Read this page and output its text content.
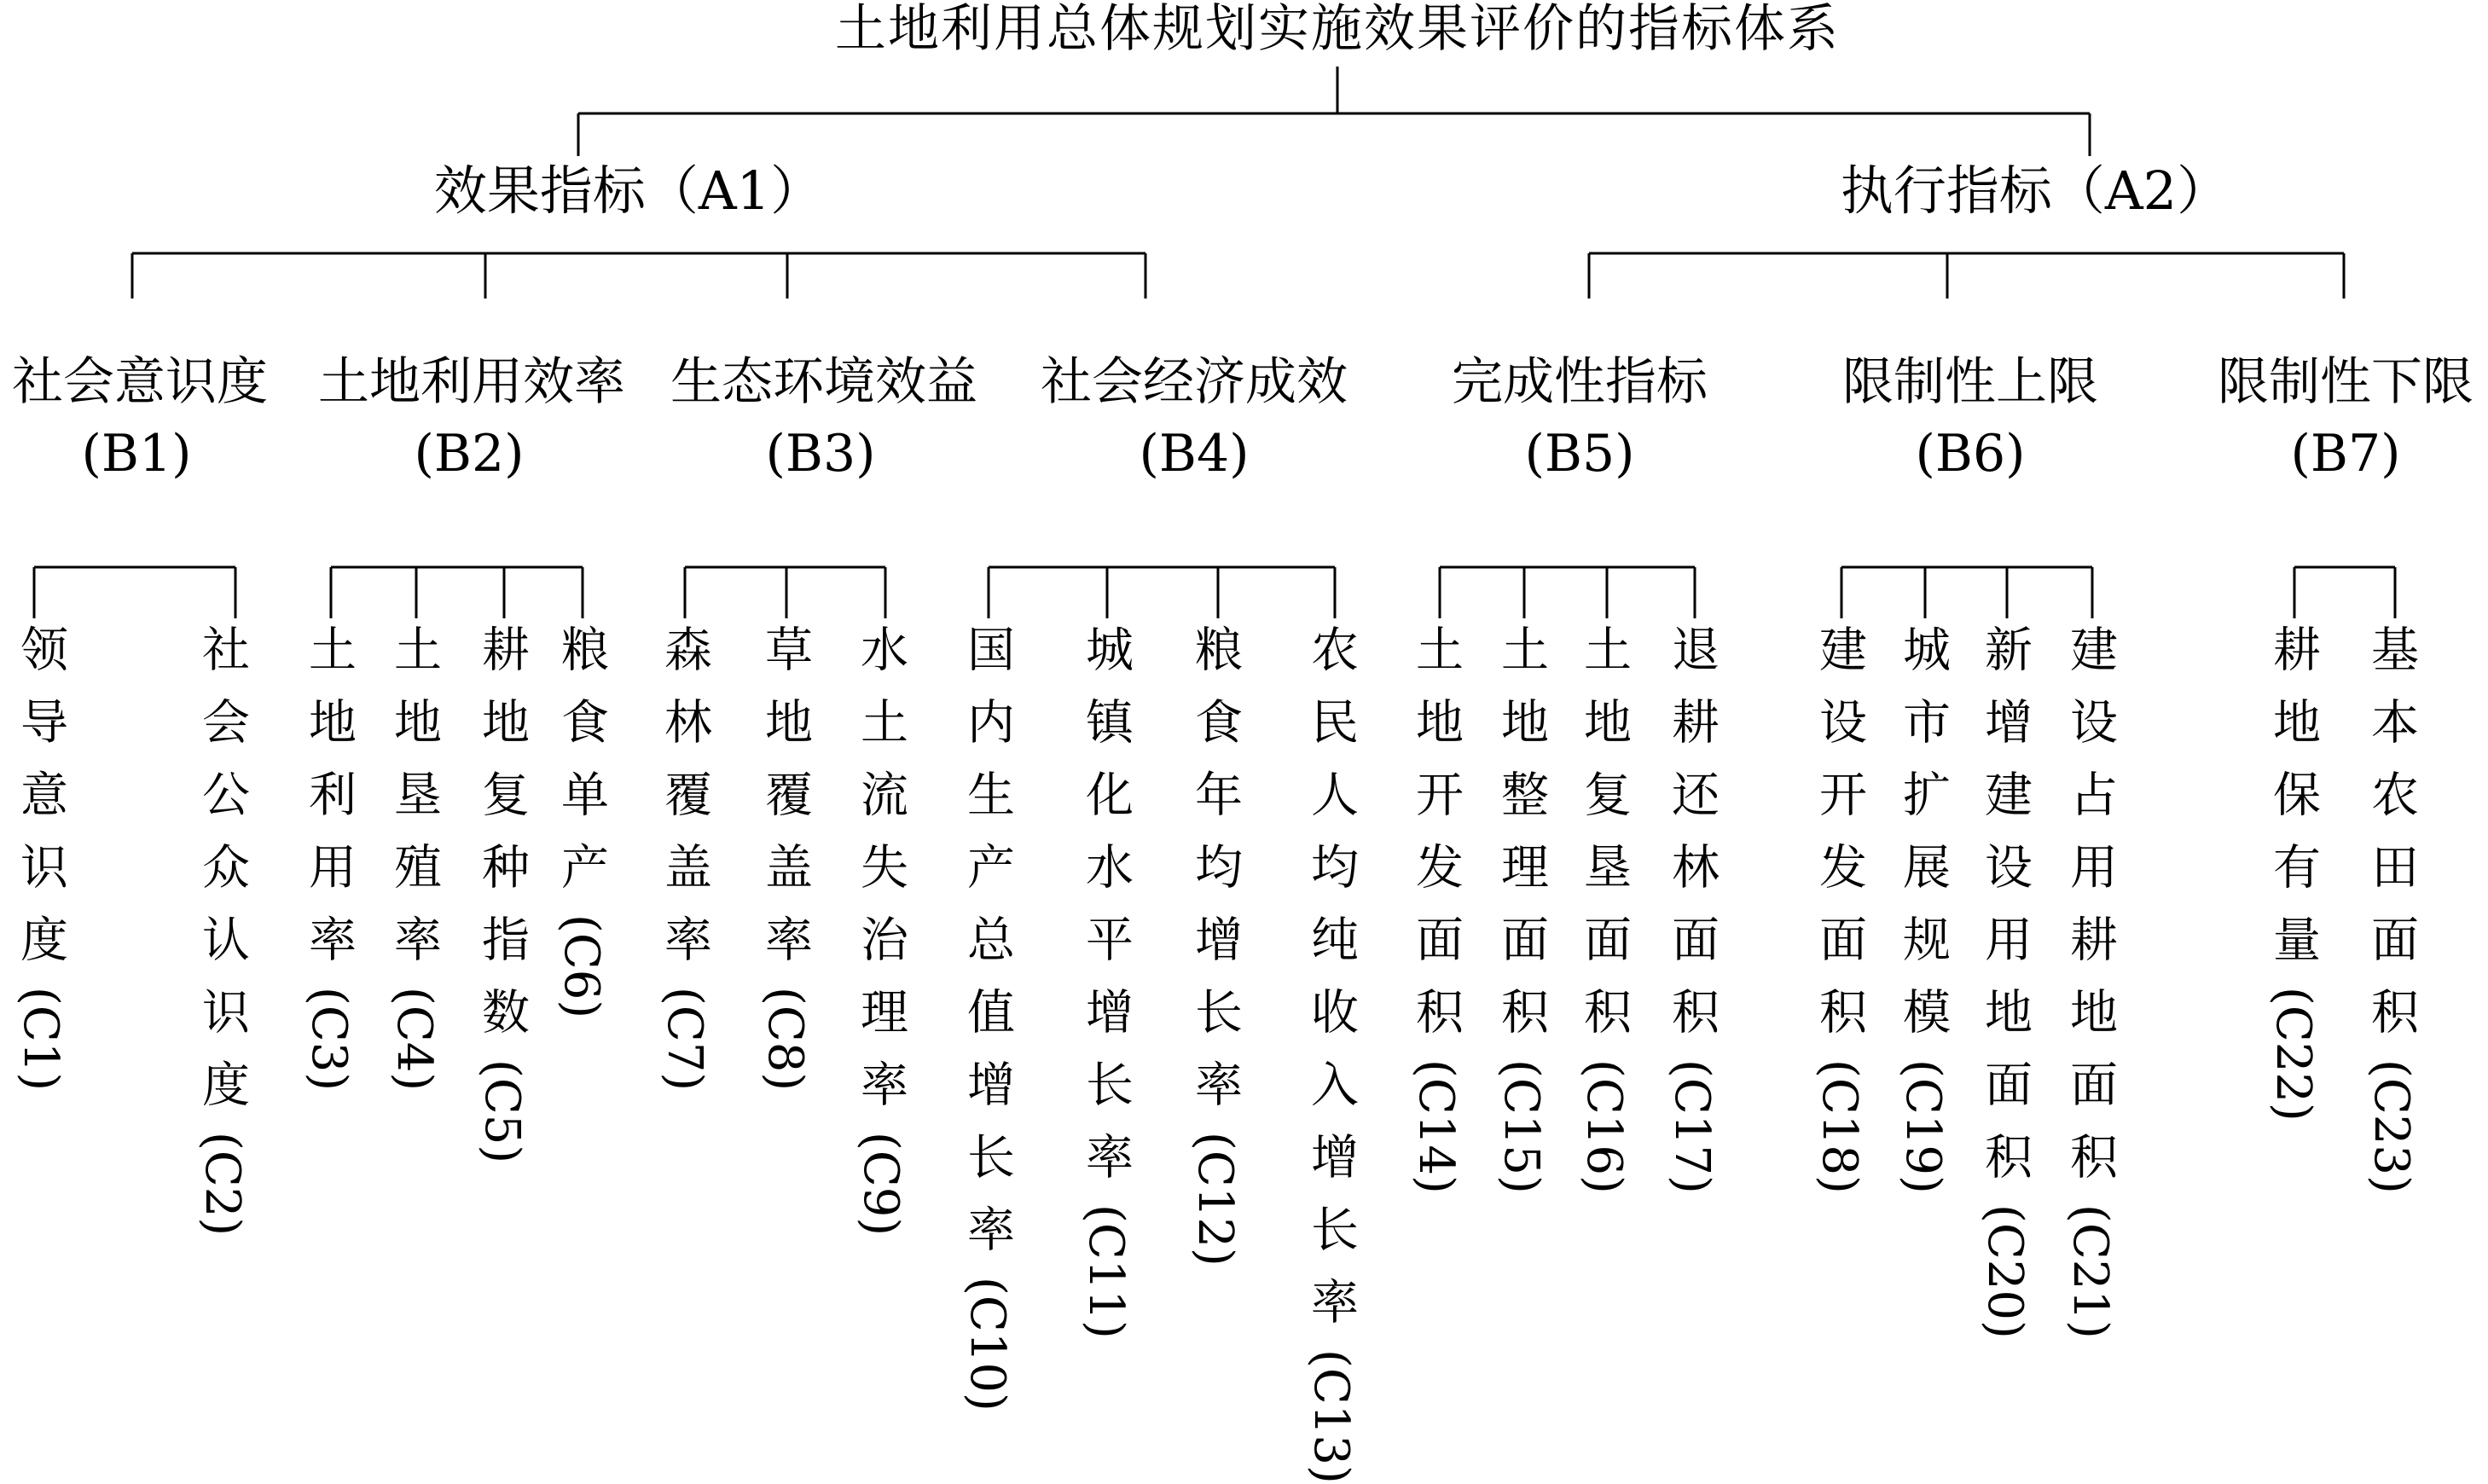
土地利用总体规划实施效果评价的指标体系
效果指标（A1）	执行指标（A2）
社会意识度
(B1)
土地利用效率
(B2)
生态环境效益
(B3)
社会经济成效
(B4)
完成性指标
(B5)
限制性上限
(B6)
限制性下限
(B7)
领导意识度(C1)	社会公众认识度(C2)
土地利用率(C3)
土地垦殖率(C4) 耕地复种指数(C5)
粮食单产(C6) 森林覆盖率(C7)
草地覆盖率(C8) 水土流失治理率(C9) 国内生产总值增长率(C10)
城镇化水平增长率(C11)
粮食年均增长率(C12) 农民人均纯收入增长率(C13)
土地开发面积(C14)
土地整理面积(C15)
土地复垦面积(C16)
退耕还林面积(C17)
建设开发面积(C18)
城市扩展规模(C19) 新增建设用地面积(C20)
建设占用耕地面积(C21)
耕地保有量(C22) 基本农田面积(C23)
